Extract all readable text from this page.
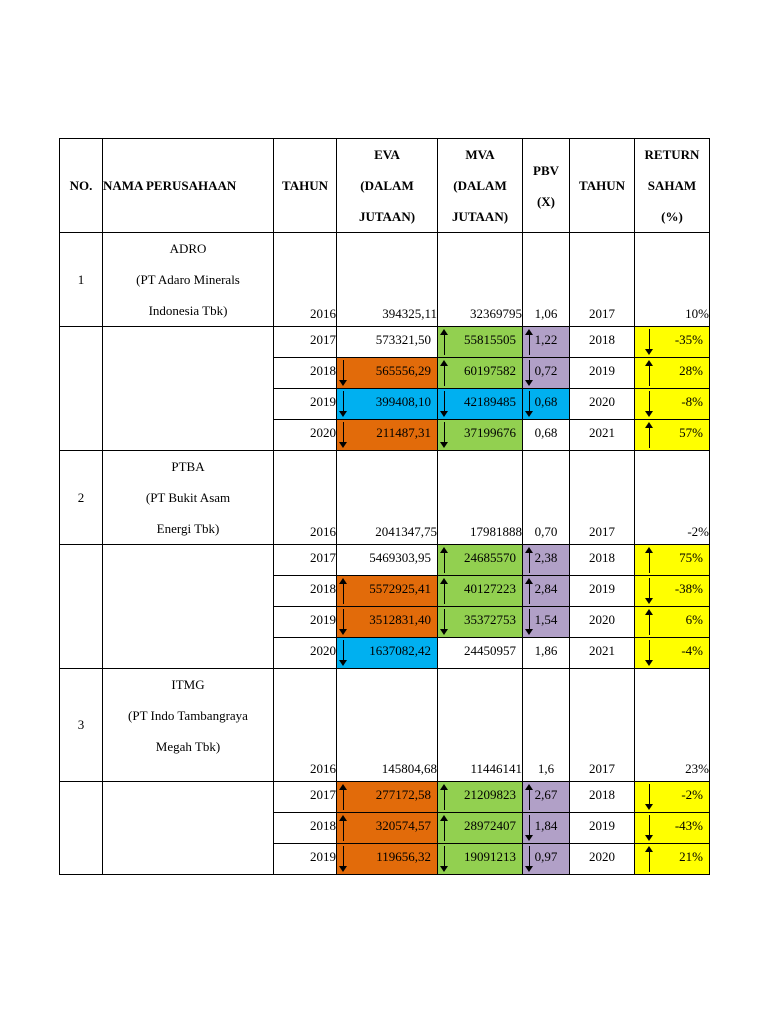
NO.	NAMA PERUSAHAAN	TAHUN	EVA
(DALAM
JUTAAN)	MVA
(DALAM
JUTAAN)	PBV
(X)	TAHUN	RETURN
SAHAM
(%)

1	ADRO
(PT Adaro Minerals
Indonesia Tbk)	2016	394325,11	32369795	1,06	2017	10%
		2017	573321,50	55815505	1,22	2018	-35%

		2018	565556,29	60197582	0,72	2019	28%

		2019	399408,10	42189485	0,68	2020	-8%

		2020	211487,31	37199676	0,68	2021	57%

2	PTBA
(PT Bukit Asam
Energi Tbk)	2016	2041347,75	17981888	0,70	2017	-2%
		2017	5469303,95	24685570	2,38	2018	75%

		2018	5572925,41	40127223	2,84	2019	-38%

		2019	3512831,40	35372753	1,54	2020	6%

		2020	1637082,42	24450957	1,86	2021	-4%

3	ITMG
(PT Indo Tambangraya
Megah Tbk)	2016	145804,68	11446141	1,6	2017	23%
		2017	277172,58	21209823	2,67	2018	-2%

		2018	320574,57	28972407	1,84	2019	-43%

		2019	119656,32	19091213	0,97	2020	21%
